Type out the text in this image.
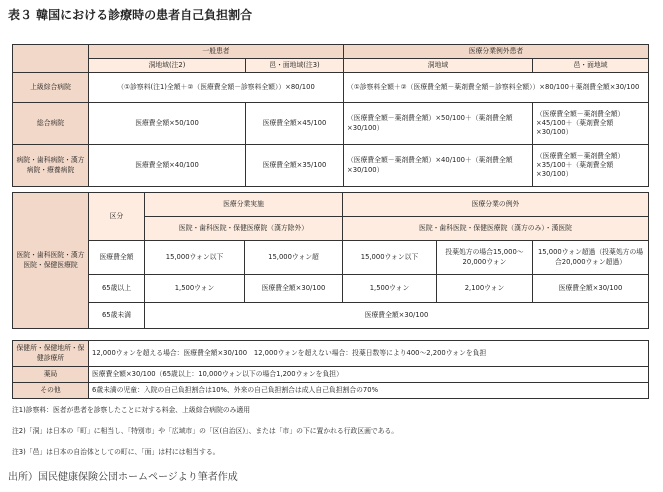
表３ 韓国における診療時の患者自己負担割合
	一般患者		医療分業例外患者	
	洞地域(注2)	邑・面地域(注3)	洞地域	邑・面地域
上級綜合病院	（①診察料(注1)全額＋②（医療費全額－診察料全額））×80/100		（①診察料全額＋②（医療費全額－薬剤費全額－診察料全額））×80/100＋薬剤費全額×30/100	
総合病院	医療費全額×50/100	医療費全額×45/100	（医療費全額－薬剤費全額）×50/100＋（薬剤費全額×30/100）	（医療費全額－薬剤費全額）×45/100＋（薬剤費全額×30/100）
病院・歯科病院・漢方病院・療養病院	医療費全額×40/100	医療費全額×35/100	（医療費全額－薬剤費全額）×40/100＋（薬剤費全額×30/100）	（医療費全額－薬剤費全額）×35/100＋（薬剤費全額×30/100）
医院・歯科医院・漢方医院・保健医療院	区分	医療分業実施		医療分業の例外		
		医院・歯科医院・保健医療院（漢方除外）		医院・歯科医院・保健医療院（漢方のみ）・漢医院		
	医療費全額	15,000ウォン以下	15,000ウォン超	15,000ウォン以下	投薬処方の場合15,000～20,000ウォン	15,000ウォン超過（投薬処方の場合20,000ウォン超過）
	65歳以上	1,500ウォン	医療費全額×30/100	1,500ウォン	2,100ウォン	医療費全額×30/100
	65歳未満	医療費全額×30/100				
保健所・保健地所・保健診療所	12,000ウォンを超える場合：医療費全額×30/100　12,000ウォンを超えない場合：投薬日数等により400～2,200ウォンを負担
薬局	医療費全額×30/100（65歳以上：10,000ウォン以下の場合1,200ウォンを負担）
その他	6歳未満の児童：入院の自己負担割合は10%、外来の自己負担割合は成人自己負担割合の70%
注1)診察料：医者が患者を診察したことに対する料金、上級綜合病院のみ適用
注2)「洞」は日本の「町」に相当し、「特別市」や「広域市」の「区(自治区)」、または「市」の下に置かれる行政区画である。
注3)「邑」は日本の自治体としての町に、「面」は村には相当する。
出所）国民健康保険公団ホームページより筆者作成
